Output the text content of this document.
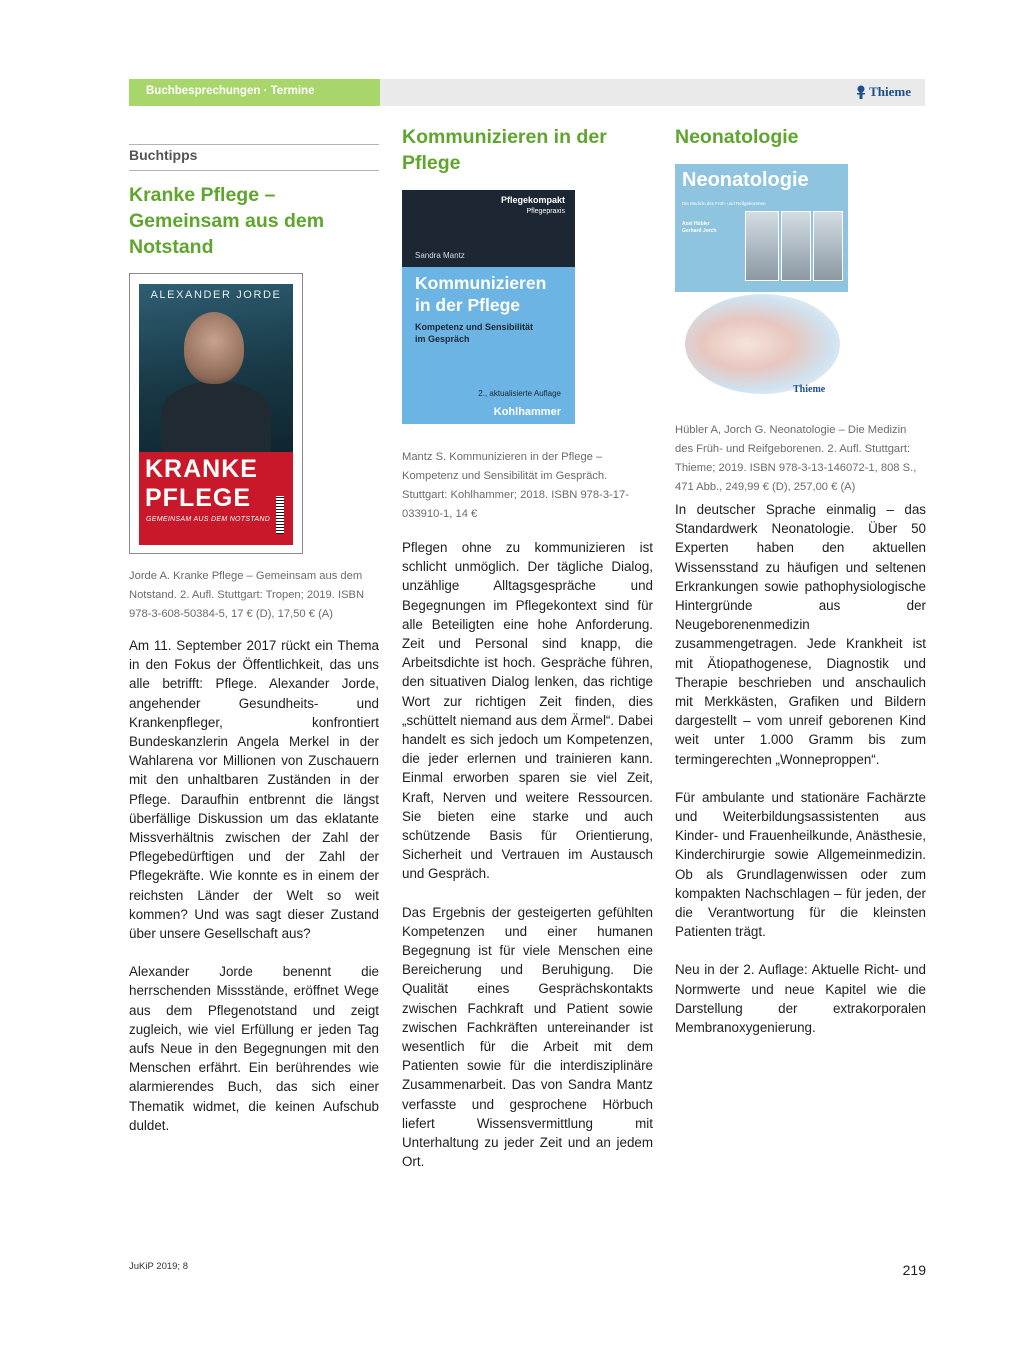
Buchbesprechungen · Termine	Thieme
Buchtipps
Kranke Pflege – Gemeinsam aus dem Notstand
ALEXANDER JORDE
KRANKE
PFLEGE
GEMEINSAM AUS DEM NOTSTAND
Jorde A. Kranke Pflege – Gemeinsam aus dem Notstand. 2. Aufl. Stuttgart: Tropen; 2019. ISBN 978-3-608-50384-5, 17 € (D), 17,50 € (A)

Am 11. September 2017 rückt ein Thema in den Fokus der Öffentlichkeit, das uns alle betrifft: Pflege. Alexander Jorde, angehender Gesundheits- und Krankenpfleger, konfrontiert Bundeskanzlerin Angela Merkel in der Wahlarena vor Millionen von Zuschauern mit den unhaltbaren Zuständen in der Pflege. Daraufhin entbrennt die längst überfällige Diskussion um das eklatante Missverhältnis zwischen der Zahl der Pflegebedürftigen und der Zahl der Pflegekräfte. Wie konnte es in einem der reichsten Länder der Welt so weit kommen? Und was sagt dieser Zustand über unsere Gesellschaft aus?

Alexander Jorde benennt die herrschenden Missstände, eröffnet Wege aus dem Pflegenotstand und zeigt zugleich, wie viel Erfüllung er jeden Tag aufs Neue in den Begegnungen mit den Menschen erfährt. Ein berührendes wie alarmierendes Buch, das sich einer Thematik widmet, die keinen Aufschub duldet.

Kommunizieren in der Pflege
Pflegekompakt
Pflegepraxis
Sandra Mantz
Kommunizieren
in der Pflege
Kompetenz und Sensibilität
im Gespräch
2., aktualisierte Auflage
Kohlhammer
Mantz S. Kommunizieren in der Pflege – Kompetenz und Sensibilität im Gespräch. Stuttgart: Kohlhammer; 2018. ISBN 978-3-17-033910-1, 14 €

Pflegen ohne zu kommunizieren ist schlicht unmöglich. Der tägliche Dialog, unzählige Alltagsgespräche und Begegnungen im Pflegekontext sind für alle Beteiligten eine hohe Anforderung. Zeit und Personal sind knapp, die Arbeitsdichte ist hoch. Gespräche führen, den situativen Dialog lenken, das richtige Wort zur richtigen Zeit finden, dies „schüttelt niemand aus dem Ärmel“. Dabei handelt es sich jedoch um Kompetenzen, die jeder erlernen und trainieren kann. Einmal erworben sparen sie viel Zeit, Kraft, Nerven und weitere Ressourcen. Sie bieten eine starke und auch schützende Basis für Orientierung, Sicherheit und Vertrauen im Austausch und Gespräch.

Das Ergebnis der gesteigerten gefühlten Kompetenzen und einer humanen Begegnung ist für viele Menschen eine Bereicherung und Beruhigung. Die Qualität eines Gesprächskontakts zwischen Fachkraft und Patient sowie zwischen Fachkräften untereinander ist wesentlich für die Arbeit mit dem Patienten sowie für die interdisziplinäre Zusammenarbeit. Das von Sandra Mantz verfasste und gesprochene Hörbuch liefert Wissensvermittlung mit Unterhaltung zu jeder Zeit und an jedem Ort.

Neonatologie
Neonatologie
Die Medizin des Früh- und Reifgeborenen
Axel Hübler
Gerhard Jorch
Thieme
Hübler A, Jorch G. Neonatologie – Die Medizin des Früh- und Reifgeborenen. 2. Aufl. Stuttgart: Thieme; 2019. ISBN 978-3-13-146072-1, 808 S., 471 Abb., 249,99 € (D), 257,00 € (A)

In deutscher Sprache einmalig – das Standardwerk Neonatologie. Über 50 Experten haben den aktuellen Wissensstand zu häufigen und seltenen Erkrankungen sowie pathophysiologische Hintergründe aus der Neugeborenenmedizin zusammengetragen. Jede Krankheit ist mit Ätiopathogenese, Diagnostik und Therapie beschrieben und anschaulich mit Merkkästen, Grafiken und Bildern dargestellt – vom unreif geborenen Kind weit unter 1.000 Gramm bis zum termingerechten „Wonneproppen“.

Für ambulante und stationäre Fachärzte und Weiterbildungsassistenten aus Kinder- und Frauenheilkunde, Anästhesie, Kinderchirurgie sowie Allgemeinmedizin. Ob als Grundlagenwissen oder zum kompakten Nachschlagen – für jeden, der die Verantwortung für die kleinsten Patienten trägt.

Neu in der 2. Auflage: Aktuelle Richt- und Normwerte und neue Kapitel wie die Darstellung der extrakorporalen Membranoxygenierung.

JuKiP 2019; 8	219
